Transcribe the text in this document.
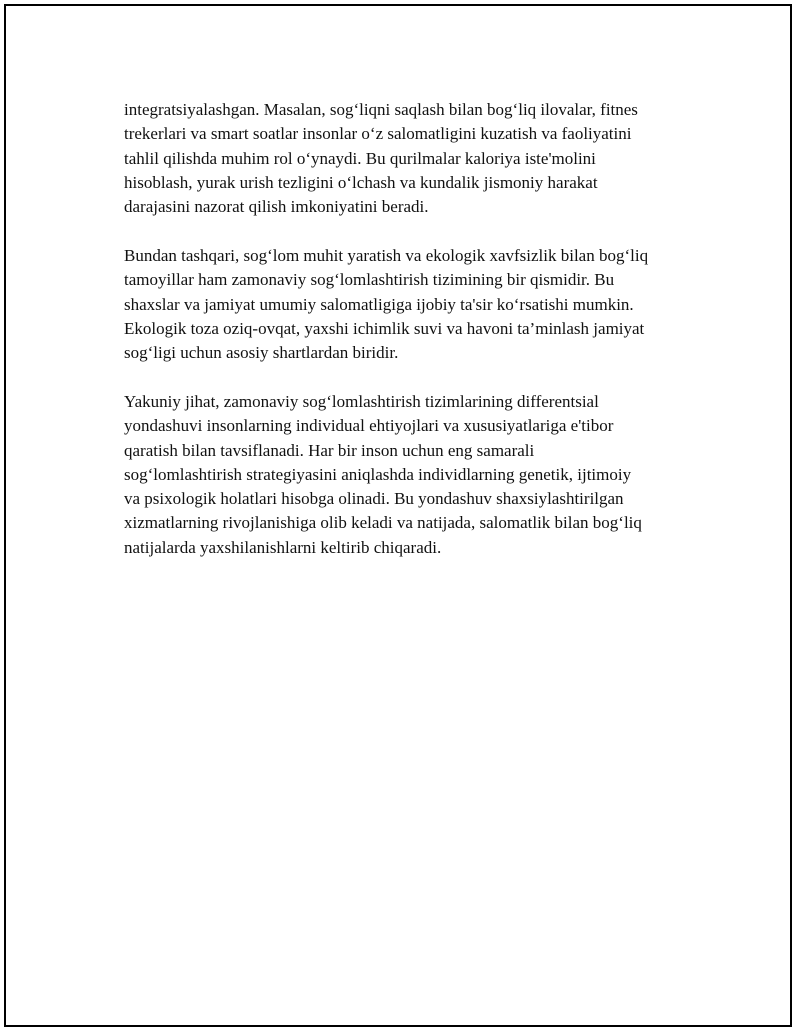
integratsiyalashgan. Masalan, sog‘liqni saqlash bilan bog‘liq ilovalar, fitnes
trekerlari va smart soatlar insonlar o‘z salomatligini kuzatish va faoliyatini
tahlil qilishda muhim rol o‘ynaydi. Bu qurilmalar kaloriya iste'molini
hisoblash, yurak urish tezligini o‘lchash va kundalik jismoniy harakat
darajasini nazorat qilish imkoniyatini beradi.

Bundan tashqari, sog‘lom muhit yaratish va ekologik xavfsizlik bilan bog‘liq
tamoyillar ham zamonaviy sog‘lomlashtirish tizimining bir qismidir. Bu
shaxslar va jamiyat umumiy salomatligiga ijobiy ta'sir ko‘rsatishi mumkin.
Ekologik toza oziq-ovqat, yaxshi ichimlik suvi va havoni ta’minlash jamiyat
sog‘ligi uchun asosiy shartlardan biridir.

Yakuniy jihat, zamonaviy sog‘lomlashtirish tizimlarining differentsial
yondashuvi insonlarning individual ehtiyojlari va xususiyatlariga e'tibor
qaratish bilan tavsiflanadi. Har bir inson uchun eng samarali
sog‘lomlashtirish strategiyasini aniqlashda individlarning genetik, ijtimoiy
va psixologik holatlari hisobga olinadi. Bu yondashuv shaxsiylashtirilgan
xizmatlarning rivojlanishiga olib keladi va natijada, salomatlik bilan bog‘liq
natijalarda yaxshilanishlarni keltirib chiqaradi.
